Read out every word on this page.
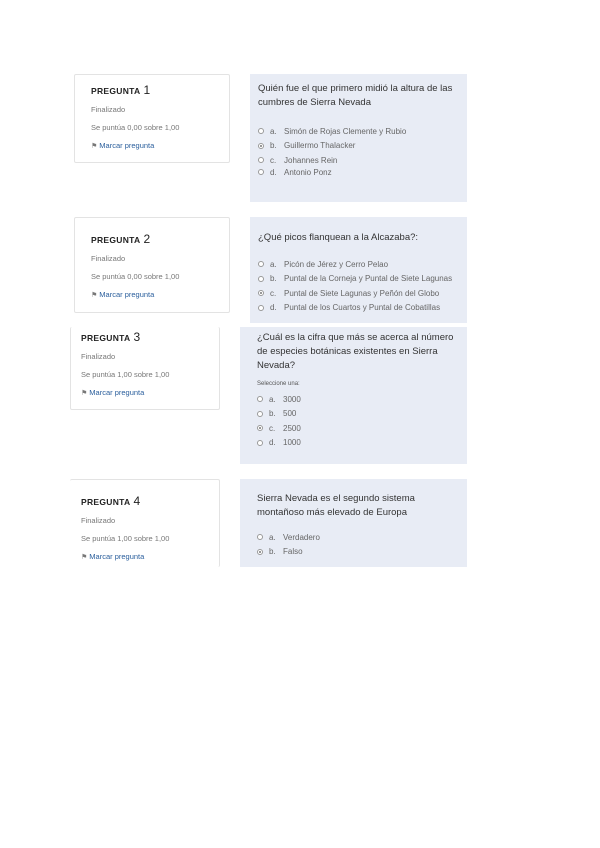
PREGUNTA 1
Finalizado
Se puntúa 0,00 sobre 1,00
⚑ Marcar pregunta
Quién fue el que primero midió la altura de las cumbres de Sierra Nevada
a. Simón de Rojas Clemente y Rubio
b. Guillermo Thalacker
c. Johannes Rein
d. Antonio Ponz
PREGUNTA 2
Finalizado
Se puntúa 0,00 sobre 1,00
⚑ Marcar pregunta
¿Qué picos flanquean a la Alcazaba?:
a. Picón de Jérez y Cerro Pelao
b. Puntal de la Corneja y Puntal de Siete Lagunas
c. Puntal de Siete Lagunas y Peñón del Globo
d. Puntal de los Cuartos y Puntal de Cobatillas
PREGUNTA 3
Finalizado
Se puntúa 1,00 sobre 1,00
⚑ Marcar pregunta
¿Cuál es la cifra que más se acerca al número de especies botánicas existentes en Sierra Nevada?
Seleccione una:
a. 3000
b. 500
c. 2500
d. 1000
PREGUNTA 4
Finalizado
Se puntúa 1,00 sobre 1,00
⚑ Marcar pregunta
Sierra Nevada es el segundo sistema montañoso más elevado de Europa
a. Verdadero
b. Falso
